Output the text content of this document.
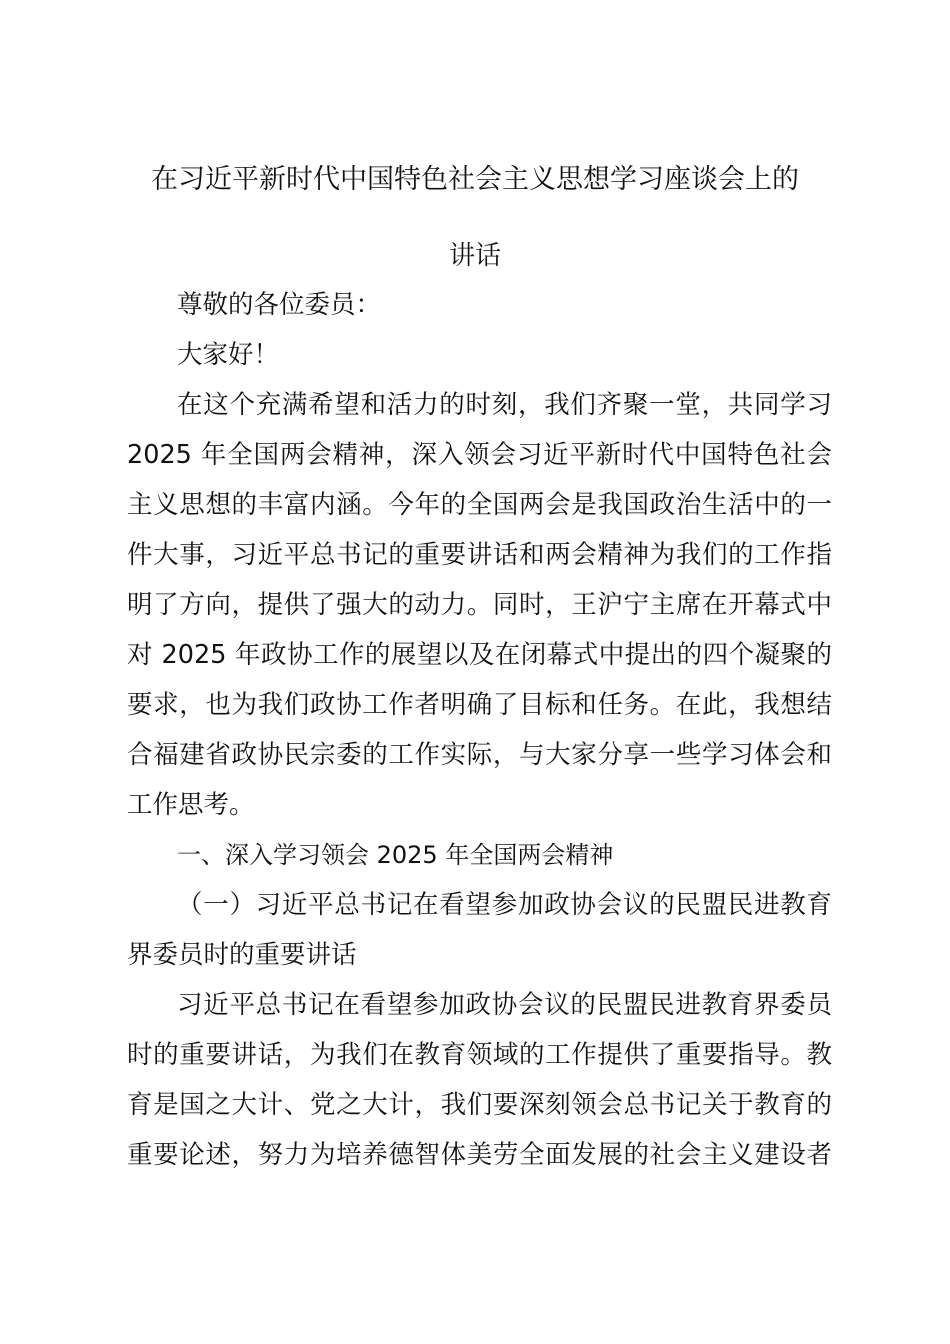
在习近平新时代中国特色社会主义思想学习座谈会上的
讲话
尊敬的各位委员：
大家好！
在这个充满希望和活力的时刻，我们齐聚一堂，共同学习
2025 年全国两会精神，深入领会习近平新时代中国特色社会
主义思想的丰富内涵。今年的全国两会是我国政治生活中的一
件大事，习近平总书记的重要讲话和两会精神为我们的工作指
明了方向，提供了强大的动力。同时，王沪宁主席在开幕式中
对 2025 年政协工作的展望以及在闭幕式中提出的四个凝聚的
要求，也为我们政协工作者明确了目标和任务。在此，我想结
合福建省政协民宗委的工作实际，与大家分享一些学习体会和
工作思考。
一、深入学习领会 2025 年全国两会精神
（一）习近平总书记在看望参加政协会议的民盟民进教育
界委员时的重要讲话
习近平总书记在看望参加政协会议的民盟民进教育界委员
时的重要讲话，为我们在教育领域的工作提供了重要指导。教
育是国之大计、党之大计，我们要深刻领会总书记关于教育的
重要论述，努力为培养德智体美劳全面发展的社会主义建设者
